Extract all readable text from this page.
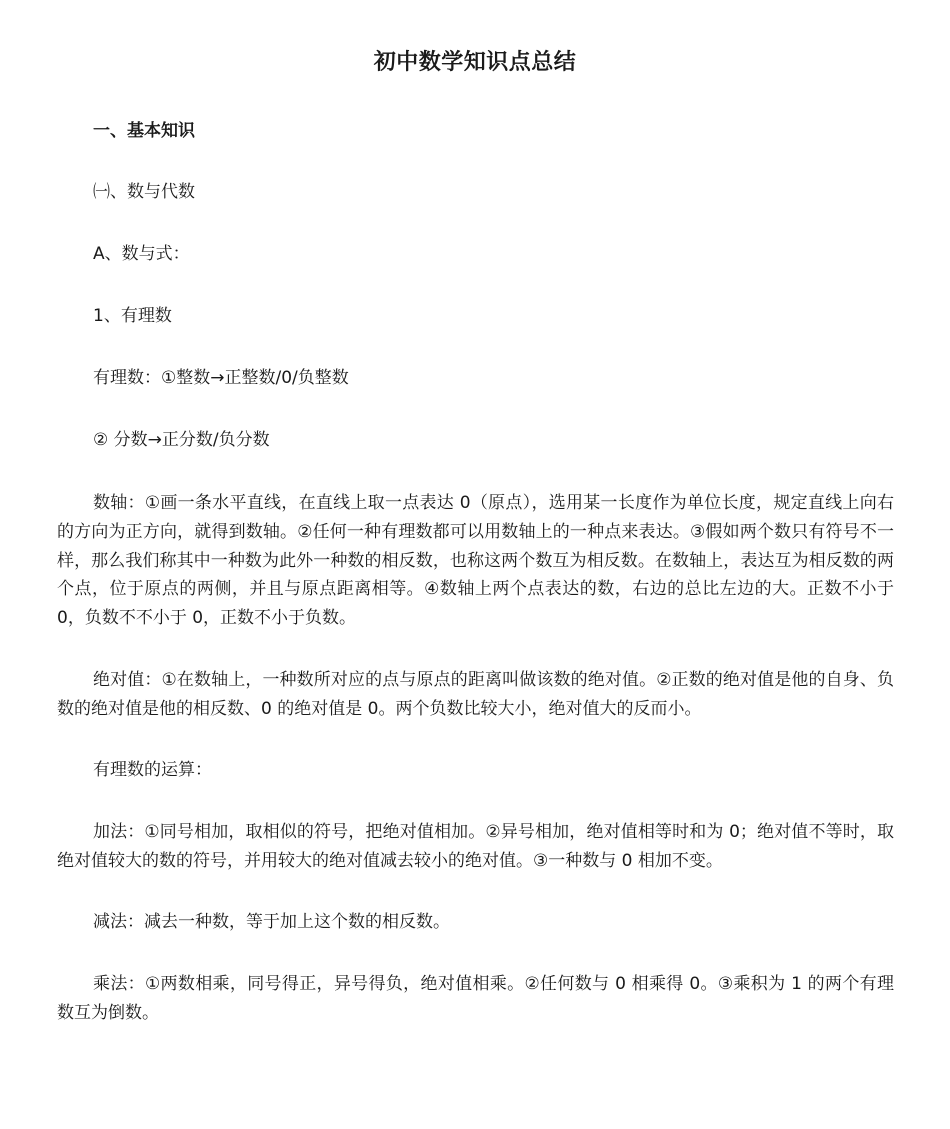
初中数学知识点总结

一、基本知识

㈠、数与代数

A、数与式：

1、有理数

有理数：①整数→正整数/0/负整数

② 分数→正分数/负分数

数轴：①画一条水平直线，在直线上取一点表达 0（原点），选用某一长度作为单位长度，规定直线上向右的方向为正方向，就得到数轴。②任何一种有理数都可以用数轴上的一种点来表达。③假如两个数只有符号不一样，那么我们称其中一种数为此外一种数的相反数，也称这两个数互为相反数。在数轴上，表达互为相反数的两个点，位于原点的两侧，并且与原点距离相等。④数轴上两个点表达的数，右边的总比左边的大。正数不小于 0，负数不不小于 0，正数不小于负数。

绝对值：①在数轴上，一种数所对应的点与原点的距离叫做该数的绝对值。②正数的绝对值是他的自身、负数的绝对值是他的相反数、0 的绝对值是 0。两个负数比较大小，绝对值大的反而小。

有理数的运算：

加法：①同号相加，取相似的符号，把绝对值相加。②异号相加，绝对值相等时和为 0；绝对值不等时，取绝对值较大的数的符号，并用较大的绝对值减去较小的绝对值。③一种数与 0 相加不变。

减法：减去一种数，等于加上这个数的相反数。

乘法：①两数相乘，同号得正，异号得负，绝对值相乘。②任何数与 0 相乘得 0。③乘积为 1 的两个有理数互为倒数。
